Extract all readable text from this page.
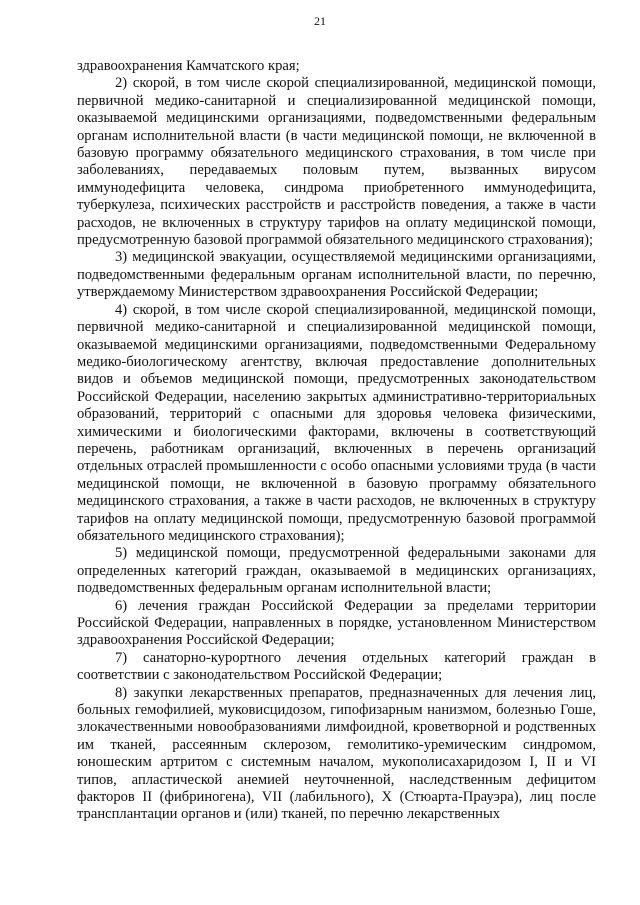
21

здравоохранения Камчатского края;

2) скорой, в том числе скорой специализированной, медицинской помощи, первичной медико-санитарной и специализированной медицинской помощи, оказываемой медицинскими организациями, подведомственными федеральным органам исполнительной власти (в части медицинской помощи, не включенной в базовую программу обязательного медицинского страхования, в том числе при заболеваниях, передаваемых половым путем, вызванных вирусом иммунодефицита человека, синдрома приобретенного иммунодефицита, туберкулеза, психических расстройств и расстройств поведения, а также в части расходов, не включенных в структуру тарифов на оплату медицинской помощи, предусмотренную базовой программой обязательного медицинского страхования);

3) медицинской эвакуации, осуществляемой медицинскими организациями, подведомственными федеральным органам исполнительной власти, по перечню, утверждаемому Министерством здравоохранения Российской Федерации;

4) скорой, в том числе скорой специализированной, медицинской помощи, первичной медико-санитарной и специализированной медицинской помощи, оказываемой медицинскими организациями, подведомственными Федеральному медико-биологическому агентству, включая предоставление дополнительных видов и объемов медицинской помощи, предусмотренных законодательством Российской Федерации, населению закрытых административно-территориальных образований, территорий с опасными для здоровья человека физическими, химическими и биологическими факторами, включены в соответствующий перечень, работникам организаций, включенных в перечень организаций отдельных отраслей промышленности с особо опасными условиями труда (в части медицинской помощи, не включенной в базовую программу обязательного медицинского страхования, а также в части расходов, не включенных в структуру тарифов на оплату медицинской помощи, предусмотренную базовой программой обязательного медицинского страхования);

5) медицинской помощи, предусмотренной федеральными законами для определенных категорий граждан, оказываемой в медицинских организациях, подведомственных федеральным органам исполнительной власти;

6) лечения граждан Российской Федерации за пределами территории Российской Федерации, направленных в порядке, установленном Министерством здравоохранения Российской Федерации;

7) санаторно-курортного лечения отдельных категорий граждан в соответствии с законодательством Российской Федерации;

8) закупки лекарственных препаратов, предназначенных для лечения лиц, больных гемофилией, муковисцидозом, гипофизарным нанизмом, болезнью Гоше, злокачественными новообразованиями лимфоидной, кроветворной и родственных им тканей, рассеянным склерозом, гемолитико-уремическим синдромом, юношеским артритом с системным началом, мукополисахаридозом I, II и VI типов, апластической анемией неуточненной, наследственным дефицитом факторов II (фибриногена), VII (лабильного), X (Стюарта-Прауэра), лиц после трансплантации органов и (или) тканей, по перечню лекарственных
